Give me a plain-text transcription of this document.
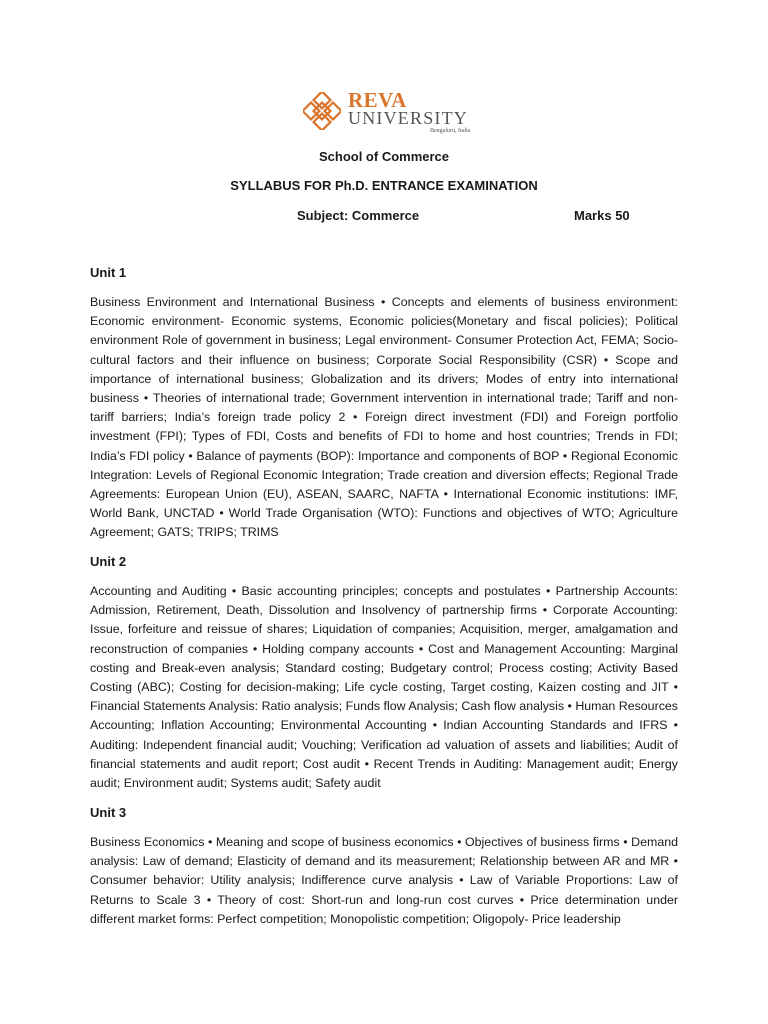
REVA
UNIVERSITY
Bengaluru, India

School of Commerce

SYLLABUS FOR Ph.D. ENTRANCE EXAMINATION

Subject: Commerce	Marks 50

Unit 1

Business Environment and International Business • Concepts and elements of business environment: Economic environment- Economic systems, Economic policies(Monetary and fiscal policies); Political environment Role of government in business; Legal environment- Consumer Protection Act, FEMA; Socio-cultural factors and their influence on business; Corporate Social Responsibility (CSR) • Scope and importance of international business; Globalization and its drivers; Modes of entry into international business • Theories of international trade; Government intervention in international trade; Tariff and non-tariff barriers; India’s foreign trade policy 2 • Foreign direct investment (FDI) and Foreign portfolio investment (FPI); Types of FDI, Costs and benefits of FDI to home and host countries; Trends in FDI; India’s FDI policy • Balance of payments (BOP): Importance and components of BOP • Regional Economic Integration: Levels of Regional Economic Integration; Trade creation and diversion effects; Regional Trade Agreements: European Union (EU), ASEAN, SAARC, NAFTA • International Economic institutions: IMF, World Bank, UNCTAD • World Trade Organisation (WTO): Functions and objectives of WTO; Agriculture Agreement; GATS; TRIPS; TRIMS

Unit 2

Accounting and Auditing • Basic accounting principles; concepts and postulates • Partnership Accounts: Admission, Retirement, Death, Dissolution and Insolvency of partnership firms • Corporate Accounting: Issue, forfeiture and reissue of shares; Liquidation of companies; Acquisition, merger, amalgamation and reconstruction of companies • Holding company accounts • Cost and Management Accounting: Marginal costing and Break-even analysis; Standard costing; Budgetary control; Process costing; Activity Based Costing (ABC); Costing for decision-making; Life cycle costing, Target costing, Kaizen costing and JIT • Financial Statements Analysis: Ratio analysis; Funds flow Analysis; Cash flow analysis • Human Resources Accounting; Inflation Accounting; Environmental Accounting • Indian Accounting Standards and IFRS • Auditing: Independent financial audit; Vouching; Verification ad valuation of assets and liabilities; Audit of financial statements and audit report; Cost audit • Recent Trends in Auditing: Management audit; Energy audit; Environment audit; Systems audit; Safety audit

Unit 3

Business Economics • Meaning and scope of business economics • Objectives of business firms • Demand analysis: Law of demand; Elasticity of demand and its measurement; Relationship between AR and MR • Consumer behavior: Utility analysis; Indifference curve analysis • Law of Variable Proportions: Law of Returns to Scale 3 • Theory of cost: Short-run and long-run cost curves • Price determination under different market forms: Perfect competition; Monopolistic competition; Oligopoly- Price leadership
